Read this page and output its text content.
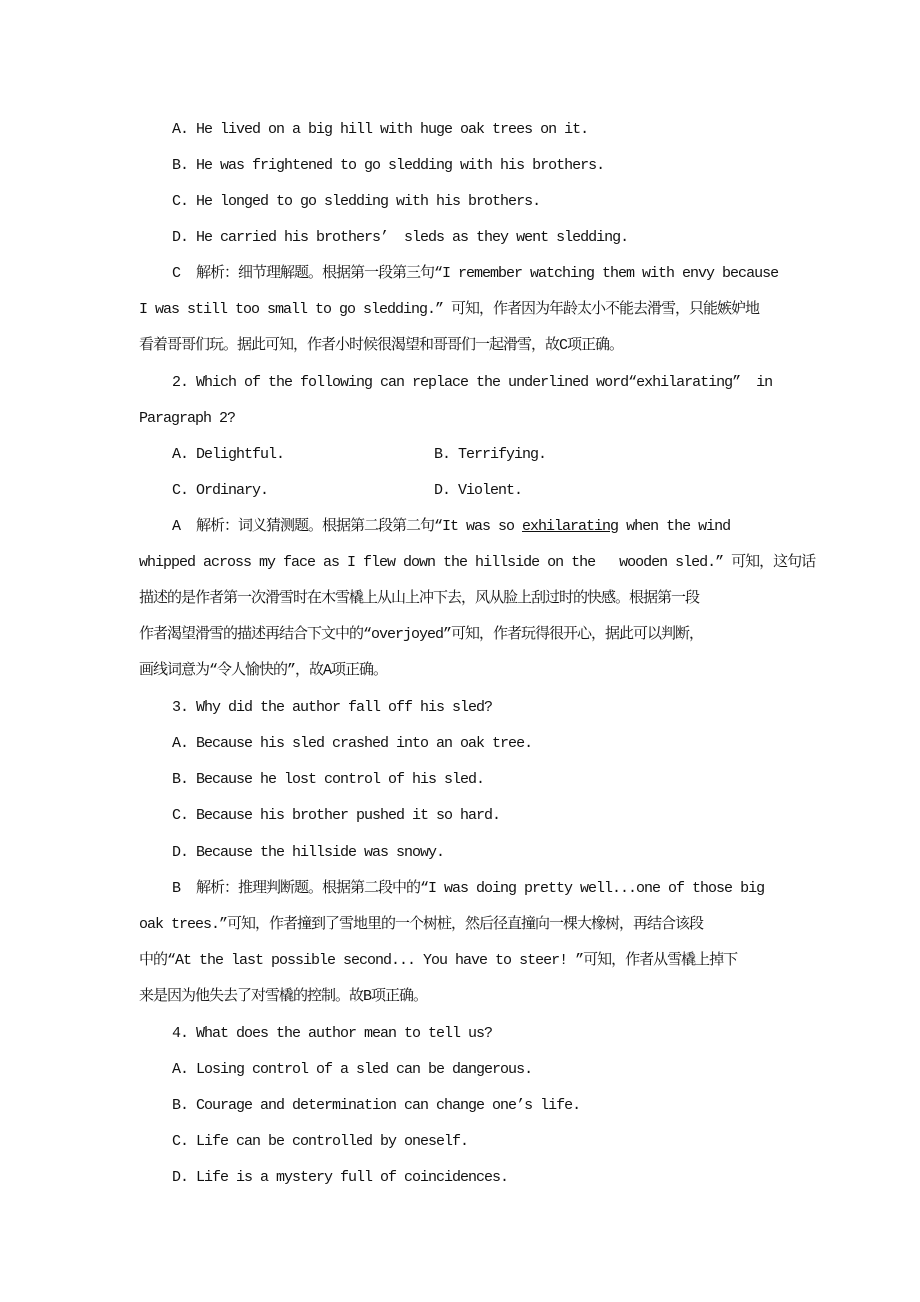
A. He lived on a big hill with huge oak trees on it.
B. He was frightened to go sledding with his brothers.
C. He longed to go sledding with his brothers.
D. He carried his brothers’  sleds as they went sledding.
C  解析：细节理解题。根据第一段第三句“I remember watching them with envy because
I was still too small to go sledding.” 可知，作者因为年龄太小不能去滑雪，只能嫉妒地
看着哥哥们玩。据此可知，作者小时候很渴望和哥哥们一起滑雪，故C项正确。
2. Which of the following can replace the underlined word“exhilarating”  in
Paragraph 2?
A. Delightful.	B. Terrifying.
C. Ordinary.	D. Violent.
A  解析：词义猜测题。根据第二段第二句“It was so exhilarating when the wind
whipped across my face as I flew down the hillside on the   wooden sled.” 可知，这句话
描述的是作者第一次滑雪时在木雪橇上从山上冲下去，风从脸上刮过时的快感。根据第一段
作者渴望滑雪的描述再结合下文中的“overjoyed”可知，作者玩得很开心，据此可以判断，
画线词意为“令人愉快的”，故A项正确。
3. Why did the author fall off his sled?
A. Because his sled crashed into an oak tree.
B. Because he lost control of his sled.
C. Because his brother pushed it so hard.
D. Because the hillside was snowy.
B  解析：推理判断题。根据第二段中的“I was doing pretty well...one of those big
oak trees.”可知，作者撞到了雪地里的一个树桩，然后径直撞向一棵大橡树，再结合该段
中的“At the last possible second... You have to steer! ”可知，作者从雪橇上掉下
来是因为他失去了对雪橇的控制。故B项正确。
4. What does the author mean to tell us?
A. Losing control of a sled can be dangerous.
B. Courage and determination can change one’s life.
C. Life can be controlled by oneself.
D. Life is a mystery full of coincidences.
